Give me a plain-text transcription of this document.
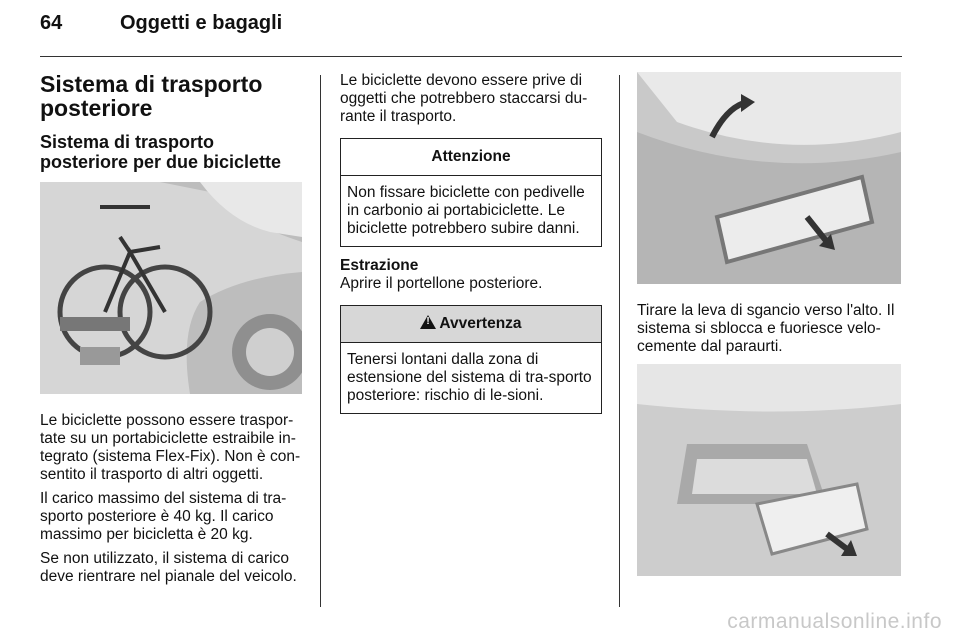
64	Oggetti e bagagli
Sistema di trasporto posteriore
Sistema di trasporto posteriore per due biciclette

Le biciclette possono essere traspor-tate su un portabiciclette estraibile in-tegrato (sistema Flex-Fix). Non è con-sentito il trasporto di altri oggetti.

Il carico massimo del sistema di tra-sporto posteriore è 40 kg. Il carico massimo per bicicletta è 20 kg.

Se non utilizzato, il sistema di carico deve rientrare nel pianale del veicolo.

Le biciclette devono essere prive di oggetti che potrebbero staccarsi du-rante il trasporto.

Attenzione
Non fissare biciclette con pedivelle in carbonio ai portabiciclette. Le biciclette potrebbero subire danni.
Estrazione

Aprire il portellone posteriore.

!Avvertenza
Tenersi lontani dalla zona di estensione del sistema di tra-sporto posteriore: rischio di le-sioni.

Tirare la leva di sgancio verso l'alto. Il sistema si sblocca e fuoriesce velo-cemente dal paraurti.

carmanualsonline.info
